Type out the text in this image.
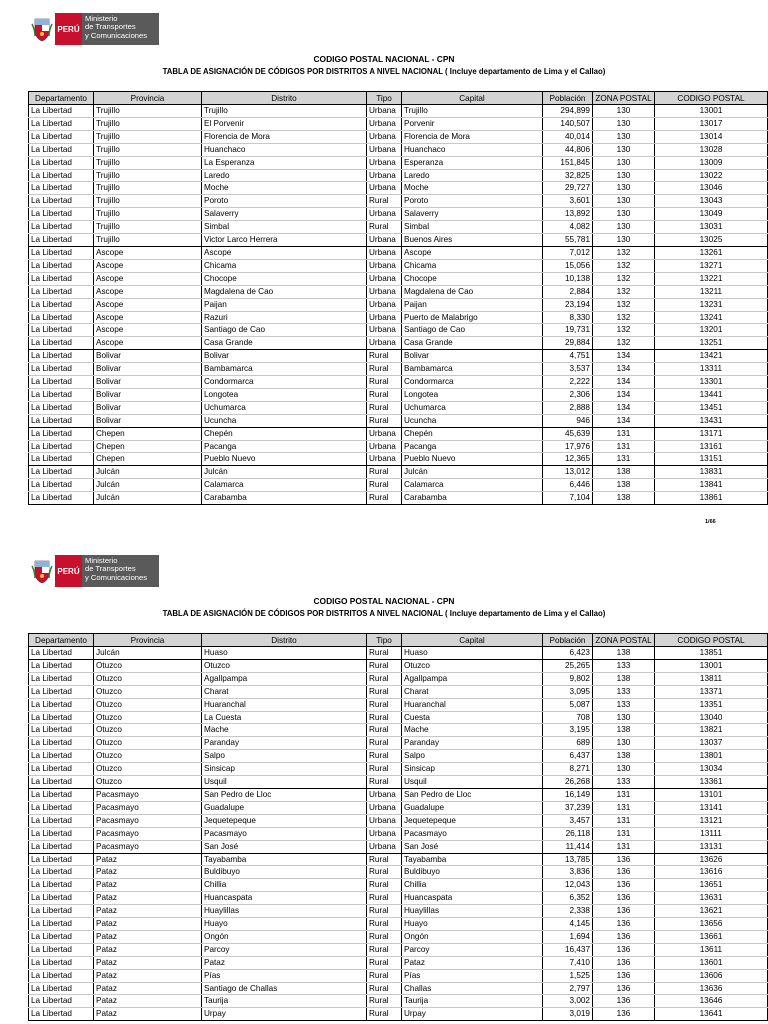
PERÚ
Ministerio
de Transportes
y Comunicaciones
CODIGO POSTAL NACIONAL - CPN
TABLA DE ASIGNACIÓN DE CÓDIGOS POR DISTRITOS A NIVEL NACIONAL ( Incluye departamento de Lima y el Callao)
Departamento	Provincia	Distrito	Tipo	Capital	Población	ZONA POSTAL	CODIGO POSTAL
La Libertad	Trujillo	Trujillo	Urbana	Trujillo	294,899	130	13001
La Libertad	Trujillo	El Porvenir	Urbana	Porvenir	140,507	130	13017
La Libertad	Trujillo	Florencia de Mora	Urbana	Florencia de Mora	40,014	130	13014
La Libertad	Trujillo	Huanchaco	Urbana	Huanchaco	44,806	130	13028
La Libertad	Trujillo	La Esperanza	Urbana	Esperanza	151,845	130	13009
La Libertad	Trujillo	Laredo	Urbana	Laredo	32,825	130	13022
La Libertad	Trujillo	Moche	Urbana	Moche	29,727	130	13046
La Libertad	Trujillo	Poroto	Rural	Poroto	3,601	130	13043
La Libertad	Trujillo	Salaverry	Urbana	Salaverry	13,892	130	13049
La Libertad	Trujillo	Simbal	Rural	Simbal	4,082	130	13031
La Libertad	Trujillo	Victor Larco Herrera	Urbana	Buenos Aires	55,781	130	13025
La Libertad	Ascope	Ascope	Urbana	Ascope	7,012	132	13261
La Libertad	Ascope	Chicama	Urbana	Chicama	15,056	132	13271
La Libertad	Ascope	Chocope	Urbana	Chocope	10,138	132	13221
La Libertad	Ascope	Magdalena de Cao	Urbana	Magdalena de Cao	2,884	132	13211
La Libertad	Ascope	Paijan	Urbana	Paijan	23,194	132	13231
La Libertad	Ascope	Razuri	Urbana	Puerto de Malabrigo	8,330	132	13241
La Libertad	Ascope	Santiago de Cao	Urbana	Santiago de Cao	19,731	132	13201
La Libertad	Ascope	Casa Grande	Urbana	Casa Grande	29,884	132	13251
La Libertad	Bolivar	Bolivar	Rural	Bolivar	4,751	134	13421
La Libertad	Bolivar	Bambamarca	Rural	Bambamarca	3,537	134	13311
La Libertad	Bolivar	Condormarca	Rural	Condormarca	2,222	134	13301
La Libertad	Bolivar	Longotea	Rural	Longotea	2,306	134	13441
La Libertad	Bolivar	Uchumarca	Rural	Uchumarca	2,888	134	13451
La Libertad	Bolivar	Ucuncha	Rural	Ucuncha	946	134	13431
La Libertad	Chepen	Chepén	Urbana	Chepén	45,639	131	13171
La Libertad	Chepen	Pacanga	Urbana	Pacanga	17,976	131	13161
La Libertad	Chepen	Pueblo Nuevo	Urbana	Pueblo Nuevo	12,365	131	13151
La Libertad	Julcán	Julcán	Rural	Julcán	13,012	138	13831
La Libertad	Julcán	Calamarca	Rural	Calamarca	6,446	138	13841
La Libertad	Julcán	Carabamba	Rural	Carabamba	7,104	138	13861
1/66
PERÚ
Ministerio
de Transportes
y Comunicaciones
CODIGO POSTAL NACIONAL - CPN
TABLA DE ASIGNACIÓN DE CÓDIGOS POR DISTRITOS A NIVEL NACIONAL ( Incluye departamento de Lima y el Callao)
Departamento	Provincia	Distrito	Tipo	Capital	Población	ZONA POSTAL	CODIGO POSTAL
La Libertad	Julcán	Huaso	Rural	Huaso	6,423	138	13851
La Libertad	Otuzco	Otuzco	Rural	Otuzco	25,265	133	13001
La Libertad	Otuzco	Agallpampa	Rural	Agallpampa	9,802	138	13811
La Libertad	Otuzco	Charat	Rural	Charat	3,095	133	13371
La Libertad	Otuzco	Huaranchal	Rural	Huaranchal	5,087	133	13351
La Libertad	Otuzco	La Cuesta	Rural	Cuesta	708	130	13040
La Libertad	Otuzco	Mache	Rural	Mache	3,195	138	13821
La Libertad	Otuzco	Paranday	Rural	Paranday	689	130	13037
La Libertad	Otuzco	Salpo	Rural	Salpo	6,437	138	13801
La Libertad	Otuzco	Sinsicap	Rural	Sinsicap	8,271	130	13034
La Libertad	Otuzco	Usquil	Rural	Usquil	26,268	133	13361
La Libertad	Pacasmayo	San Pedro de Lloc	Urbana	San Pedro de Lloc	16,149	131	13101
La Libertad	Pacasmayo	Guadalupe	Urbana	Guadalupe	37,239	131	13141
La Libertad	Pacasmayo	Jequetepeque	Urbana	Jequetepeque	3,457	131	13121
La Libertad	Pacasmayo	Pacasmayo	Urbana	Pacasmayo	26,118	131	13111
La Libertad	Pacasmayo	San José	Urbana	San José	11,414	131	13131
La Libertad	Pataz	Tayabamba	Rural	Tayabamba	13,785	136	13626
La Libertad	Pataz	Buldibuyo	Rural	Buldibuyo	3,836	136	13616
La Libertad	Pataz	Chillia	Rural	Chillia	12,043	136	13651
La Libertad	Pataz	Huancaspata	Rural	Huancaspata	6,352	136	13631
La Libertad	Pataz	Huaylillas	Rural	Huaylillas	2,338	136	13621
La Libertad	Pataz	Huayo	Rural	Huayo	4,145	136	13656
La Libertad	Pataz	Ongón	Rural	Ongón	1,694	136	13661
La Libertad	Pataz	Parcoy	Rural	Parcoy	16,437	136	13611
La Libertad	Pataz	Pataz	Rural	Pataz	7,410	136	13601
La Libertad	Pataz	Pías	Rural	Pías	1,525	136	13606
La Libertad	Pataz	Santiago de Challas	Rural	Challas	2,797	136	13636
La Libertad	Pataz	Taurija	Rural	Taurija	3,002	136	13646
La Libertad	Pataz	Urpay	Rural	Urpay	3,019	136	13641
